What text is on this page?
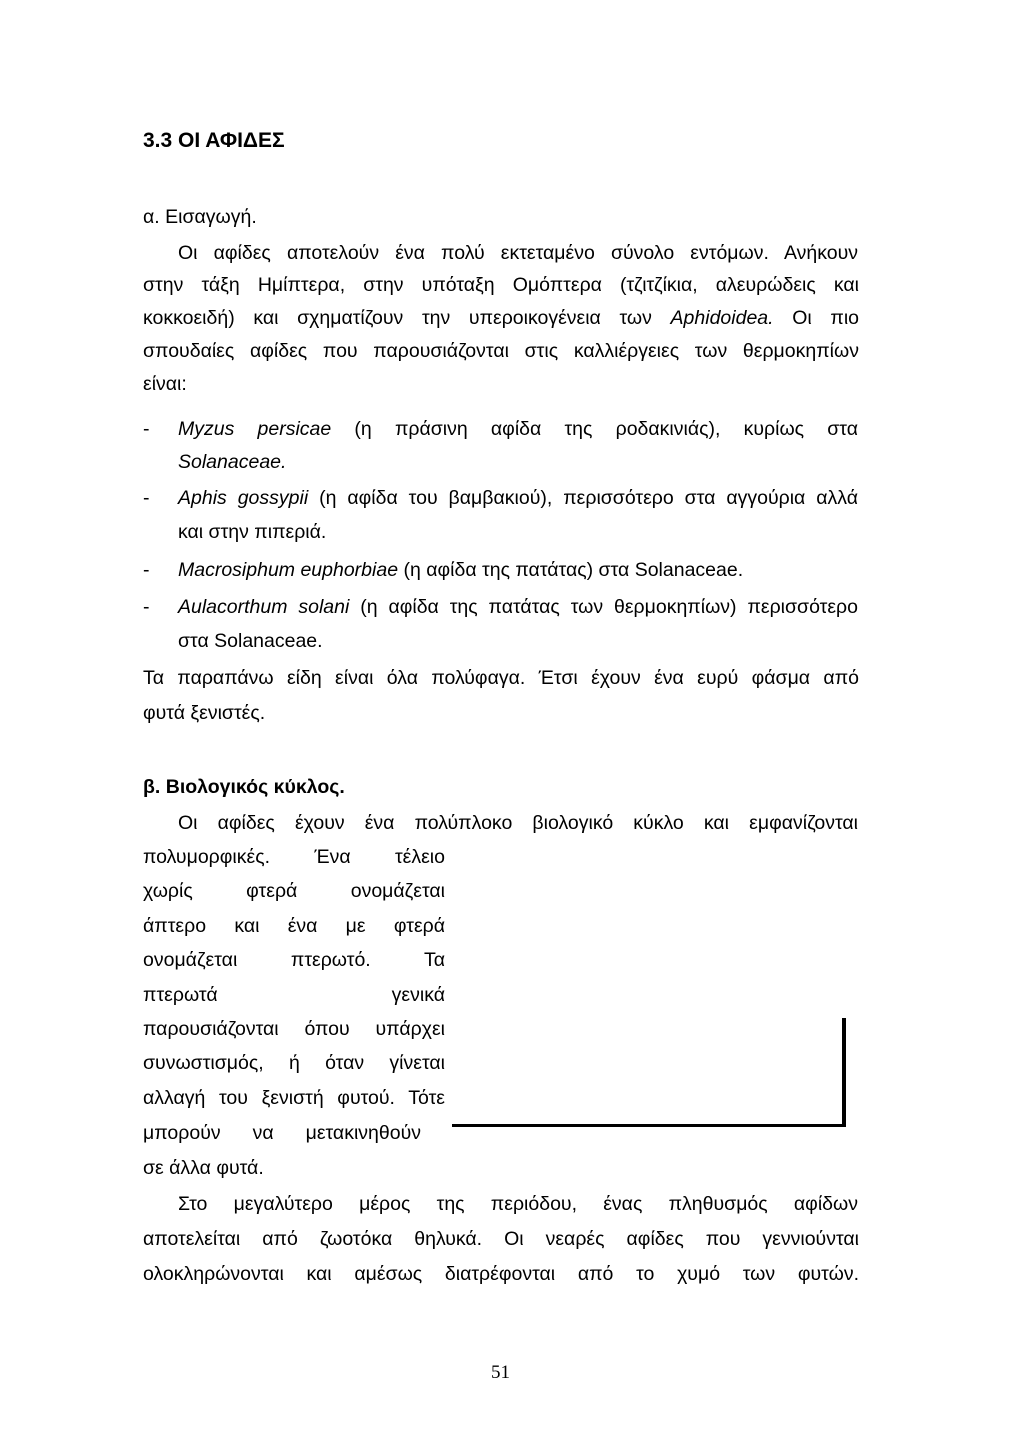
3.3 ΟΙ ΑΦΙΔΕΣ
α. Εισαγωγή.
Οι αφίδες αποτελούν ένα πολύ εκτεταμένο σύνολο εντόμων. Ανήκουν
στην τάξη Ημίπτερα, στην υπόταξη Ομόπτερα (τζιτζίκια, αλευρώδεις και
κοκκοειδή) και σχηματίζουν την υπεροικογένεια των Aphidoidea. Οι πιο
σπουδαίες αφίδες που παρουσιάζονται στις καλλιέργειες των θερμοκηπίων
είναι:
- Myzus persicae (η πράσινη αφίδα της ροδακινιάς), κυρίως στα
Solanaceae.
- Aphis gossypii (η αφίδα του βαμβακιού), περισσότερο στα αγγούρια αλλά
και στην πιπεριά.
- Macrosiphum euphorbiae (η αφίδα της πατάτας) στα Solanaceae.
- Aulacorthum solani (η αφίδα της πατάτας των θερμοκηπίων) περισσότερο
στα Solanaceae.
Τα παραπάνω είδη είναι όλα πολύφαγα. Έτσι έχουν ένα ευρύ φάσμα από
φυτά ξενιστές.
β. Βιολογικός κύκλος.
Οι αφίδες έχουν ένα πολύπλοκο βιολογικό κύκλο και εμφανίζονται
πολυμορφικές. Ένα τέλειο
χωρίς φτερά ονομάζεται
άπτερο και ένα με φτερά
ονομάζεται πτερωτό. Τα
πτερωτά γενικά
παρουσιάζονται όπου υπάρχει
συνωστισμός, ή όταν γίνεται
αλλαγή του ξενιστή φυτού. Τότε
μπορούν να μετακινηθούν
σε άλλα φυτά.
Στο μεγαλύτερο μέρος της περιόδου, ένας πληθυσμός αφίδων
αποτελείται από ζωοτόκα θηλυκά. Οι νεαρές αφίδες που γεννιούνται
ολοκληρώνονται και αμέσως διατρέφονται από το χυμό των φυτών.
51
